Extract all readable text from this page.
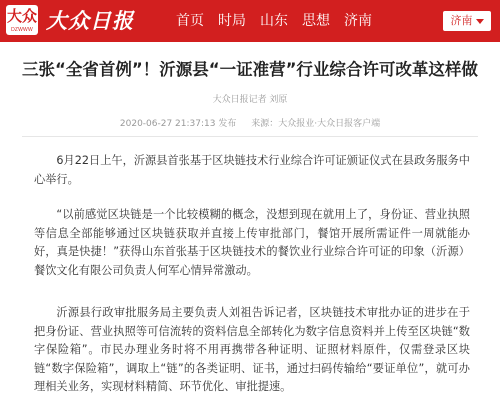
大众
DZWWW 大众日报	首页 时局 山东 思想 济南	济南
三张“全省首例”！沂源县“一证准营”行业综合许可改革这样做
大众日报记者 刘原
2020-06-27 21:37:13 发布 来源：大众报业·大众日报客户端

6月22日上午，沂源县首张基于区块链技术行业综合许可证颁证仪式在县政务服务中心举行。

“以前感觉区块链是一个比较模糊的概念，没想到现在就用上了，身份证、营业执照等信息全部能够通过区块链获取并直接上传审批部门，餐馆开展所需证件一周就能办好，真是快捷！”获得山东首张基于区块链技术的餐饮业行业综合许可证的印象（沂源）餐饮文化有限公司负责人何军心情异常激动。

沂源县行政审批服务局主要负责人刘祖告诉记者，区块链技术审批办证的进步在于把身份证、营业执照等可信流转的资料信息全部转化为数字信息资料并上传至区块链“数字保险箱”。市民办理业务时将不用再携带各种证明、证照材料原件，仅需登录区块链“数字保险箱”，调取上“链”的各类证明、证书，通过扫码传输给“要证单位”，就可办理相关业务，实现材料精简、环节优化、审批提速。
